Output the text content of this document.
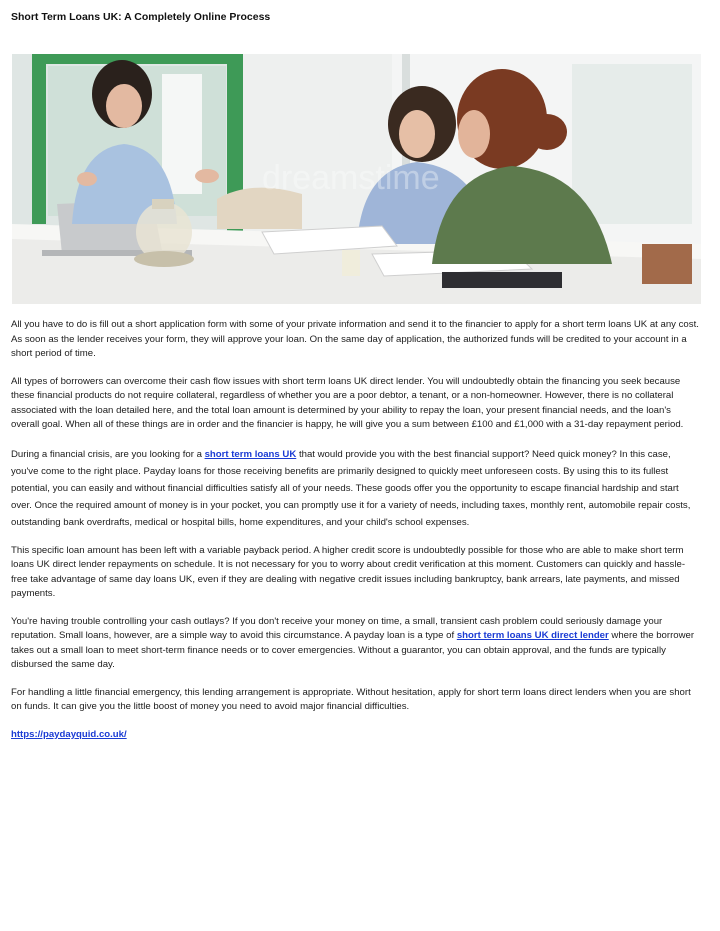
Short Term Loans UK: A Completely Online Process
dreamstime

All you have to do is fill out a short application form with some of your private information and send it to the financier to apply for a short term loans UK at any cost. As soon as the lender receives your form, they will approve your loan. On the same day of application, the authorized funds will be credited to your account in a short period of time.

All types of borrowers can overcome their cash flow issues with short term loans UK direct lender. You will undoubtedly obtain the financing you seek because these financial products do not require collateral, regardless of whether you are a poor debtor, a tenant, or a non-homeowner. However, there is no collateral associated with the loan detailed here, and the total loan amount is determined by your ability to repay the loan, your present financial needs, and the loan's overall goal. When all of these things are in order and the financier is happy, he will give you a sum between £100 and £1,000 with a 31-day repayment period.

During a financial crisis, are you looking for a short term loans UK that would provide you with the best financial support? Need quick money? In this case, you've come to the right place. Payday loans for those receiving benefits are primarily designed to quickly meet unforeseen costs. By using this to its fullest potential, you can easily and without financial difficulties satisfy all of your needs. These goods offer you the opportunity to escape financial hardship and start over. Once the required amount of money is in your pocket, you can promptly use it for a variety of needs, including taxes, monthly rent, automobile repair costs, outstanding bank overdrafts, medical or hospital bills, home expenditures, and your child's school expenses.

This specific loan amount has been left with a variable payback period. A higher credit score is undoubtedly possible for those who are able to make short term loans UK direct lender repayments on schedule. It is not necessary for you to worry about credit verification at this moment. Customers can quickly and hassle-free take advantage of same day loans UK, even if they are dealing with negative credit issues including bankruptcy, bank arrears, late payments, and missed payments.

You're having trouble controlling your cash outlays? If you don't receive your money on time, a small, transient cash problem could seriously damage your reputation. Small loans, however, are a simple way to avoid this circumstance. A payday loan is a type of short term loans UK direct lender where the borrower takes out a small loan to meet short-term finance needs or to cover emergencies. Without a guarantor, you can obtain approval, and the funds are typically disbursed the same day.

For handling a little financial emergency, this lending arrangement is appropriate. Without hesitation, apply for short term loans direct lenders when you are short on funds. It can give you the little boost of money you need to avoid major financial difficulties.

https://paydayquid.co.uk/
